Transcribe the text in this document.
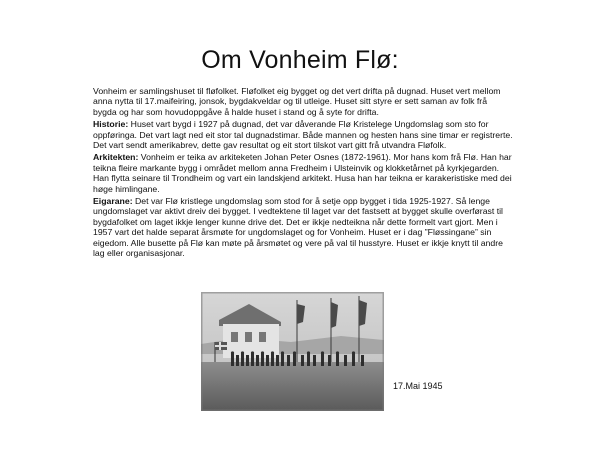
Om Vonheim Flø:

Vonheim er samlingshuset til fløfolket. Fløfolket eig bygget og det vert drifta på dugnad. Huset vert mellom anna nytta til 17.maifeiring, jonsok, bygdakveldar og til utleige. Huset sitt styre er sett saman av folk frå bygda og har som hovudoppgåve å halde huset i stand og å syte for drifta.

Historie: Huset vart bygd i 1927 på dugnad, det var dåverande Flø Kristelege Ungdomslag som sto for oppføringa. Det vart lagt ned eit stor tal dugnadstimar. Både mannen og hesten hans sine timar er registrerte. Det vart sendt amerikabrev, dette gav resultat og eit stort tilskot vart gitt frå utvandra Fløfolk.

Arkitekten: Vonheim er teika av arkiteketen Johan Peter Osnes (1872-1961). Mor hans kom frå Flø. Han har teikna fleire markante bygg i området mellom anna Fredheim i Ulsteinvik og klokketårnet på kyrkjegarden. Han flytta seinare til Trondheim og vart ein landskjend arkitekt. Husa han har teikna er karakeristiske med dei høge himlingane.

Eigarane: Det var Flø kristlege ungdomslag som stod for å setje opp bygget i tida 1925-1927. Så lenge ungdomslaget var aktivt dreiv dei bygget. I vedtektene til laget var det fastsett at bygget skulle overførast til bygdafolket om laget ikkje lenger kunne drive det. Det er ikkje nedteikna når dette formelt vart gjort. Men i 1957 vart det halde separat årsmøte for ungdomslaget og for Vonheim. Huset er i dag ”Fløssingane” sin eigedom. Alle busette på Flø kan møte på årsmøtet og vere på val til husstyre. Huset er ikkje knytt til andre lag eller organisasjonar.

17.Mai 1945
